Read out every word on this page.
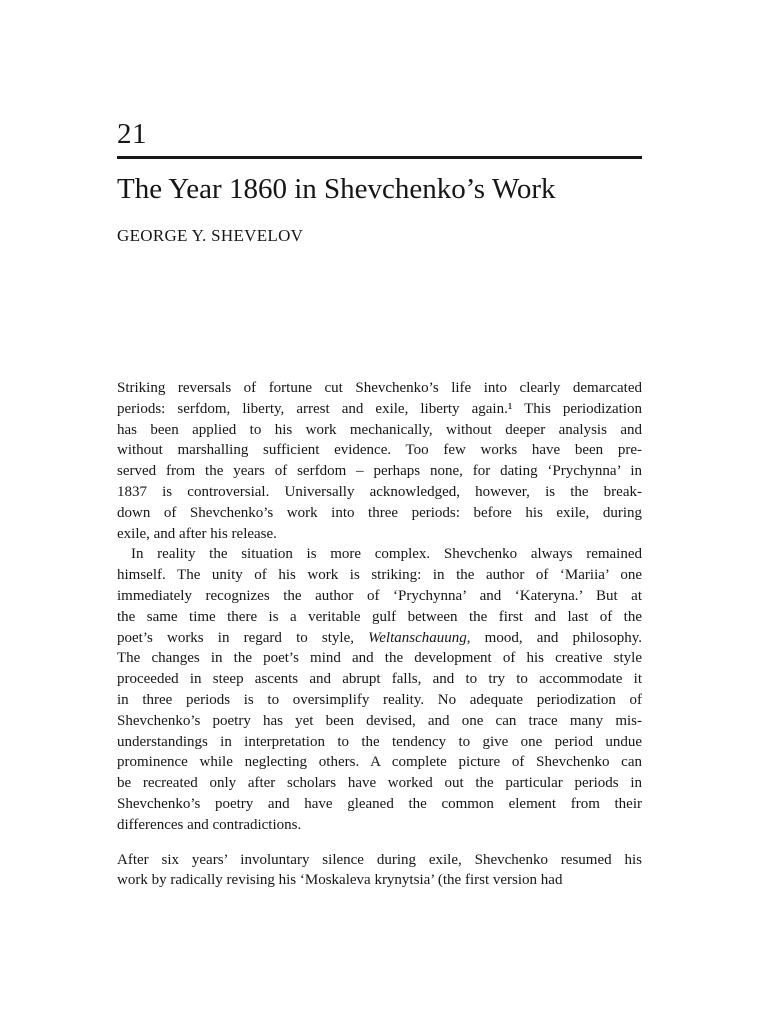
21
The Year 1860 in Shevchenko’s Work
GEORGE Y. SHEVELOV

Striking reversals of fortune cut Shevchenko’s life into clearly demarcated
periods: serfdom, liberty, arrest and exile, liberty again.¹ This periodization
has been applied to his work mechanically, without deeper analysis and
without marshalling sufficient evidence. Too few works have been pre-
served from the years of serfdom – perhaps none, for dating ‘Prychynna’ in
1837 is controversial. Universally acknowledged, however, is the break-
down of Shevchenko’s work into three periods: before his exile, during
exile, and after his release.

In reality the situation is more complex. Shevchenko always remained
himself. The unity of his work is striking: in the author of ‘Mariia’ one
immediately recognizes the author of ‘Prychynna’ and ‘Kateryna.’ But at
the same time there is a veritable gulf between the first and last of the
poet’s works in regard to style, Weltanschauung, mood, and philosophy.
The changes in the poet’s mind and the development of his creative style
proceeded in steep ascents and abrupt falls, and to try to accommodate it
in three periods is to oversimplify reality. No adequate periodization of
Shevchenko’s poetry has yet been devised, and one can trace many mis-
understandings in interpretation to the tendency to give one period undue
prominence while neglecting others. A complete picture of Shevchenko can
be recreated only after scholars have worked out the particular periods in
Shevchenko’s poetry and have gleaned the common element from their
differences and contradictions.

After six years’ involuntary silence during exile, Shevchenko resumed his
work by radically revising his ‘Moskaleva krynytsia’ (the first version had
